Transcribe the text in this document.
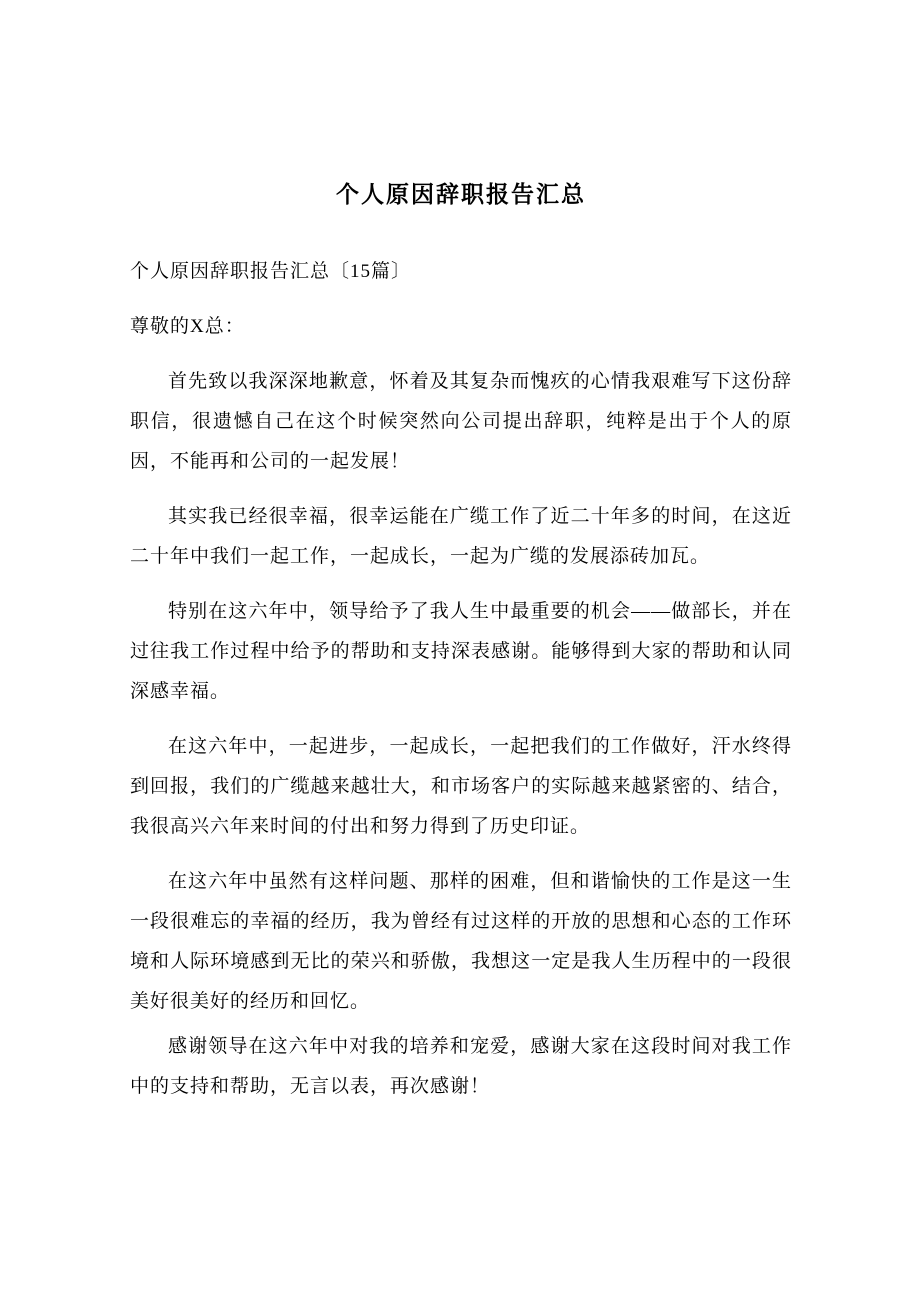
个人原因辞职报告汇总

个人原因辞职报告汇总〔15篇〕

尊敬的X总：

首先致以我深深地歉意，怀着及其复杂而愧疚的心情我艰难写下这份辞职信，很遗憾自己在这个时候突然向公司提出辞职，纯粹是出于个人的原因，不能再和公司的一起发展！

其实我已经很幸福，很幸运能在广缆工作了近二十年多的时间，在这近二十年中我们一起工作，一起成长，一起为广缆的发展添砖加瓦。

特别在这六年中，领导给予了我人生中最重要的机会——做部长，并在过往我工作过程中给予的帮助和支持深表感谢。能够得到大家的帮助和认同深感幸福。

在这六年中，一起进步，一起成长，一起把我们的工作做好，汗水终得到回报，我们的广缆越来越壮大，和市场客户的实际越来越紧密的、结合，我很高兴六年来时间的付出和努力得到了历史印证。

在这六年中虽然有这样问题、那样的困难，但和谐愉快的工作是这一生一段很难忘的幸福的经历，我为曾经有过这样的开放的思想和心态的工作环境和人际环境感到无比的荣兴和骄傲，我想这一定是我人生历程中的一段很美好很美好的经历和回忆。

感谢领导在这六年中对我的培养和宠爱，感谢大家在这段时间对我工作中的支持和帮助，无言以表，再次感谢！
